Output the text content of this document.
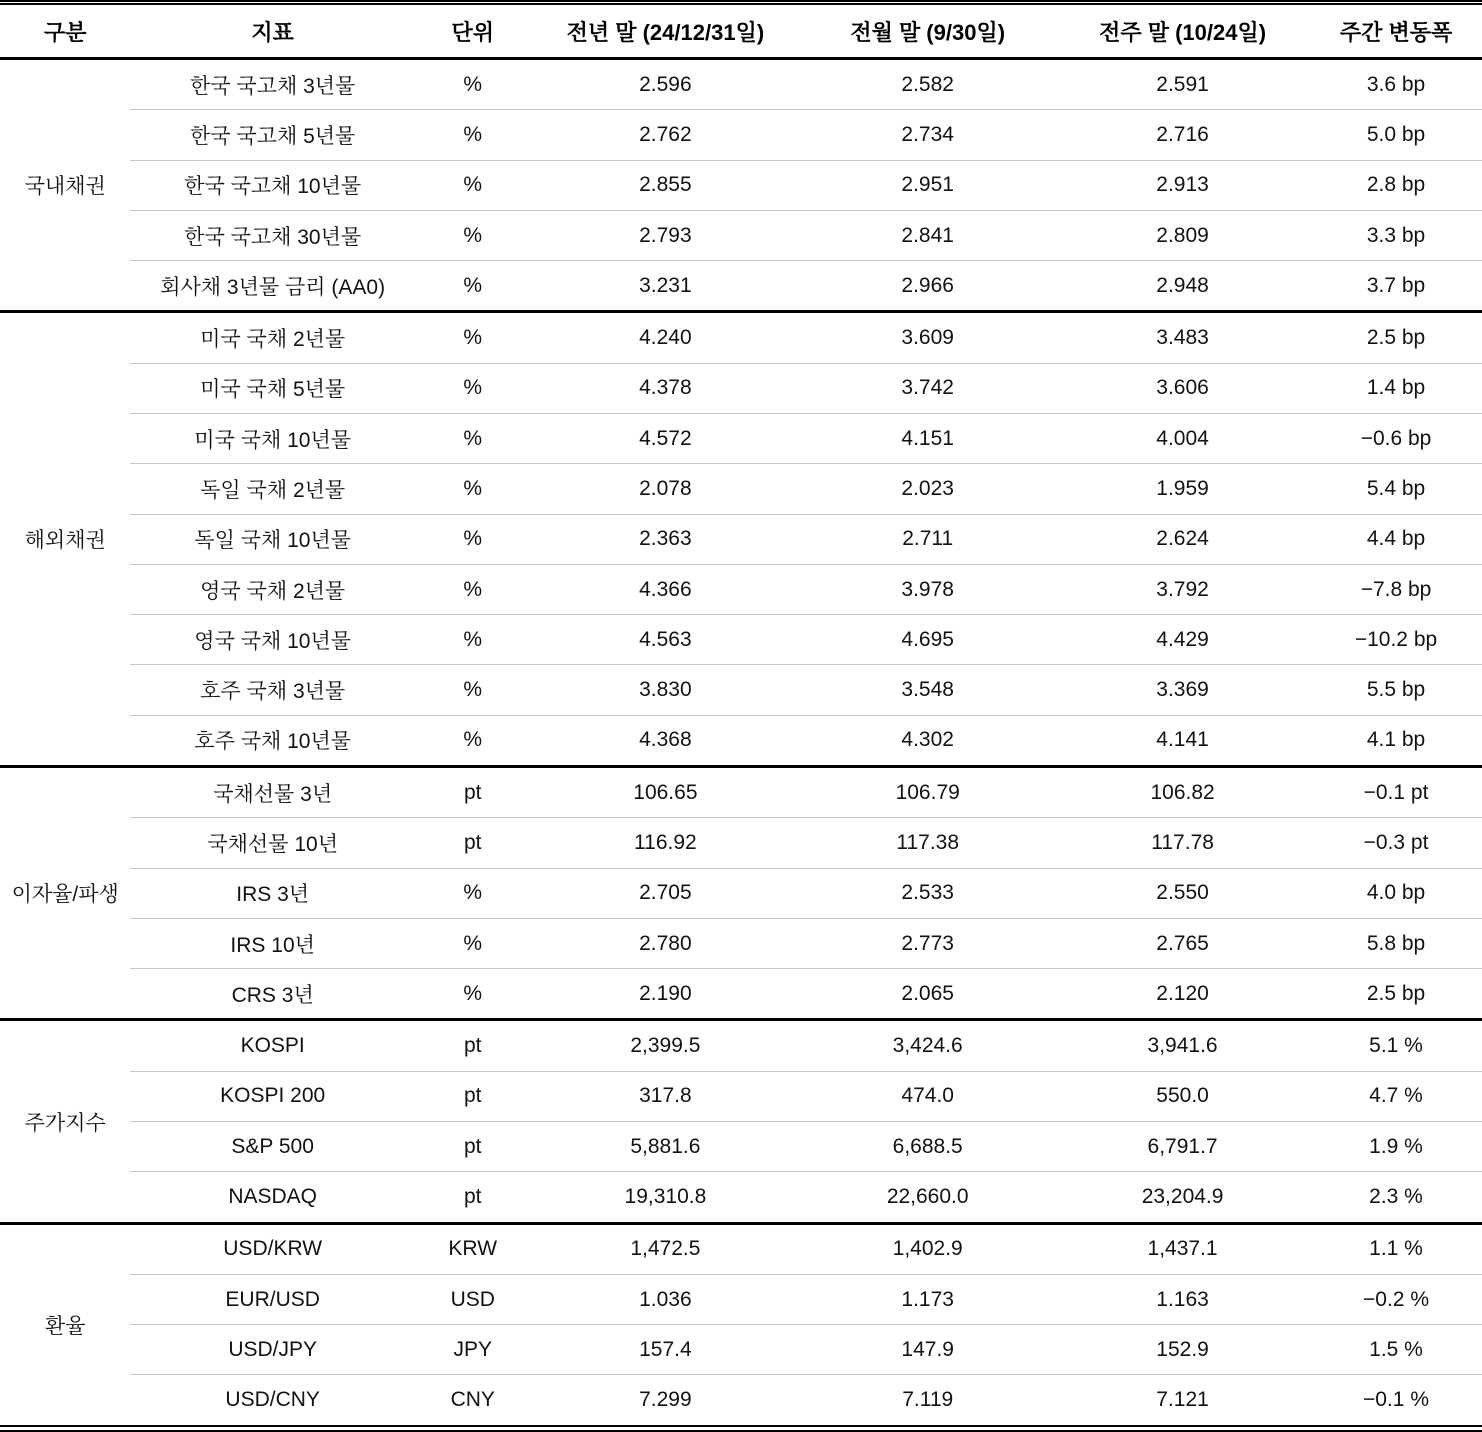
구분	지표	단위	전년 말 (24/12/31일)	전월 말 (9/30일)	전주 말 (10/24일)	주간 변동폭
국내채권	한국 국고채 3년물	%	2.596	2.582	2.591	3.6 bp
	한국 국고채 5년물	%	2.762	2.734	2.716	5.0 bp
	한국 국고채 10년물	%	2.855	2.951	2.913	2.8 bp
	한국 국고채 30년물	%	2.793	2.841	2.809	3.3 bp
	회사채 3년물 금리 (AA0)	%	3.231	2.966	2.948	3.7 bp
해외채권	미국 국채 2년물	%	4.240	3.609	3.483	2.5 bp
	미국 국채 5년물	%	4.378	3.742	3.606	1.4 bp
	미국 국채 10년물	%	4.572	4.151	4.004	−0.6 bp
	독일 국채 2년물	%	2.078	2.023	1.959	5.4 bp
	독일 국채 10년물	%	2.363	2.711	2.624	4.4 bp
	영국 국채 2년물	%	4.366	3.978	3.792	−7.8 bp
	영국 국채 10년물	%	4.563	4.695	4.429	−10.2 bp
	호주 국채 3년물	%	3.830	3.548	3.369	5.5 bp
	호주 국채 10년물	%	4.368	4.302	4.141	4.1 bp
이자율/파생	국채선물 3년	pt	106.65	106.79	106.82	−0.1 pt
	국채선물 10년	pt	116.92	117.38	117.78	−0.3 pt
	IRS 3년	%	2.705	2.533	2.550	4.0 bp
	IRS 10년	%	2.780	2.773	2.765	5.8 bp
	CRS 3년	%	2.190	2.065	2.120	2.5 bp
주가지수	KOSPI	pt	2,399.5	3,424.6	3,941.6	5.1 %
	KOSPI 200	pt	317.8	474.0	550.0	4.7 %
	S&P 500	pt	5,881.6	6,688.5	6,791.7	1.9 %
	NASDAQ	pt	19,310.8	22,660.0	23,204.9	2.3 %
환율	USD/KRW	KRW	1,472.5	1,402.9	1,437.1	1.1 %
	EUR/USD	USD	1.036	1.173	1.163	−0.2 %
	USD/JPY	JPY	157.4	147.9	152.9	1.5 %
	USD/CNY	CNY	7.299	7.119	7.121	−0.1 %
